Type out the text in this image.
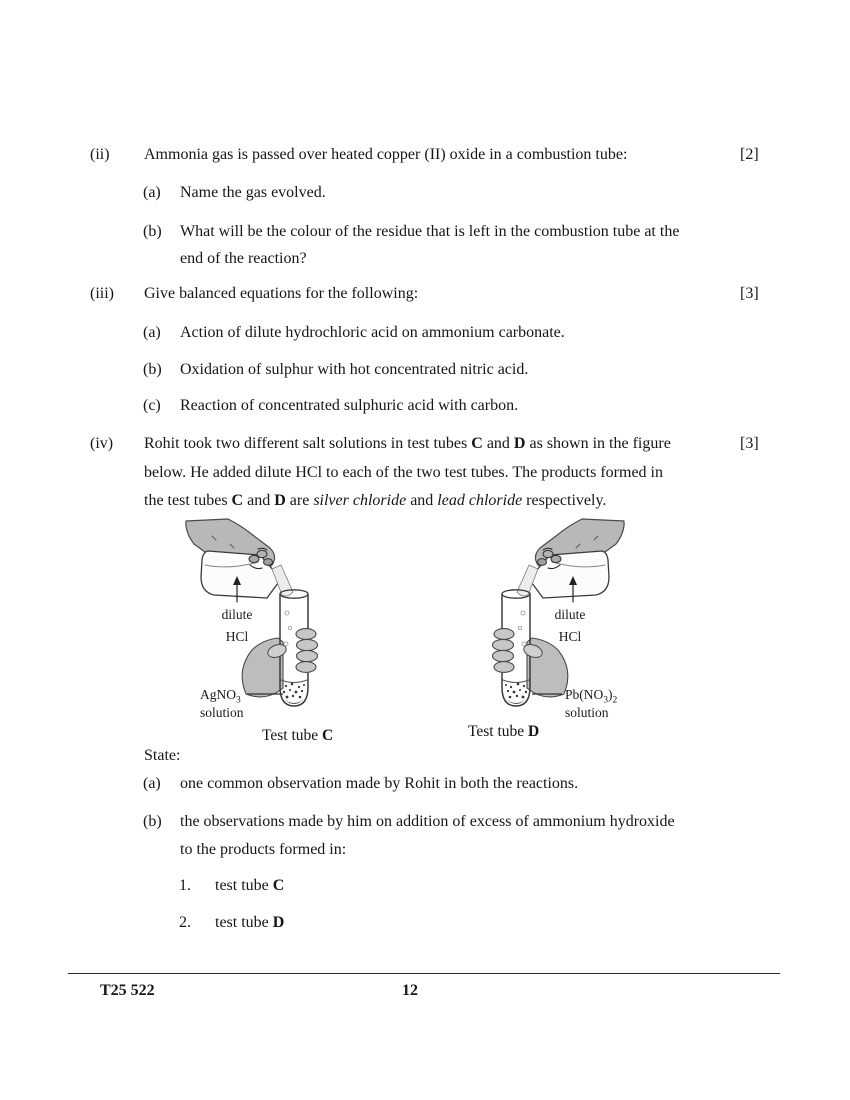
(ii) Ammonia gas is passed over heated copper (II) oxide in a combustion tube:	[2]
(a) Name the gas evolved.
(b) What will be the colour of the residue that is left in the combustion tube at the
end of the reaction?
(iii) Give balanced equations for the following:	[3]
(a) Action of dilute hydrochloric acid on ammonium carbonate.
(b) Oxidation of sulphur with hot concentrated nitric acid.
(c) Reaction of concentrated sulphuric acid with carbon.
(iv) Rohit took two different salt solutions in test tubes C and D as shown in the figure
below. He added dilute HCl to each of the two test tubes. The products formed in
the test tubes C and D are silver chloride and lead chloride respectively.
[3]
dilute
HCl
AgNO$_3$
solution
Test tube C
dilute
HCl
$Pb(NO_3)_2$
solution
Test tube D
State:
(a) one common observation made by Rohit in both the reactions.
(b) the observations made by him on addition of excess of ammonium hydroxide
to the products formed in:
1. test tube C
2. test tube D
T25 522	12
